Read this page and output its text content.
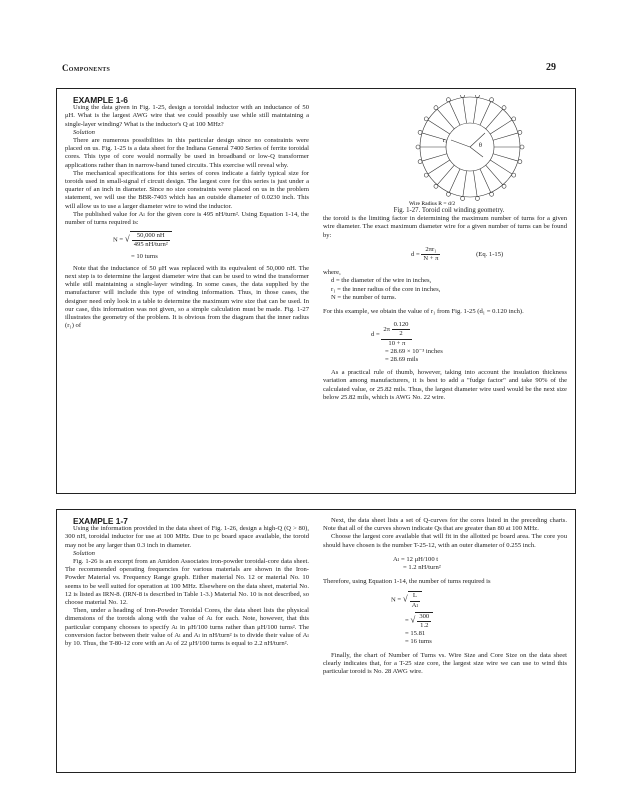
Components	29

EXAMPLE 1-6

Using the data given in Fig. 1-25, design a toroidal inductor with an inductance of 50 μH. What is the largest AWG wire that we could possibly use while still maintaining a single-layer winding? What is the inductor's Q at 100 MHz?

Solution

There are numerous possibilities in this particular design since no constraints were placed on us. Fig. 1-25 is a data sheet for the Indiana General 7400 Series of ferrite toroidal cores. This type of core would normally be used in broadband or low-Q transformer applications rather than in narrow-band tuned circuits. This exercise will reveal why.

The mechanical specifications for this series of cores indicate a fairly typical size for toroids used in small-signal rf circuit design. The largest core for this series is just under a quarter of an inch in diameter. Since no size constraints were placed on us in the problem statement, we will use the BBR-7403 which has an outside diameter of 0.0230 inch. This will allow us to use a larger diameter wire to wind the inductor.

The published value for Aₗ for the given core is 495 nH/turn². Using Equation 1-14, the number of turns required is:

N = √ $\frac{50,000 nH}{\text{495 nH/turn²}}$
= 10 turns

Note that the inductance of 50 μH was replaced with its equivalent of 50,000 nH. The next step is to determine the largest diameter wire that can be used to wind the transformer while still maintaining a single-layer winding. In some cases, the data supplied by the manufacturer will include this type of winding information. Thus, in those cases, the designer need only look in a table to determine the maximum wire size that can be used. In our case, this information was not given, so a simple calculation must be made. Fig. 1-27 illustrates the geometry of the problem. It is obvious from the diagram that the inner radius (r₁) of

r₁
θ
Wire Radius R = d/2

Fig. 1-27. Toroid coil winding geometry.

the toroid is the limiting factor in determining the maximum number of turns for a given wire diameter. The exact maximum diameter wire for a given number of turns can be found by:

$d = \frac{\text{2πr₁}}{N + \pi}$	(Eq. 1-15)
where,
d = the diameter of the wire in inches,
r₁ = the inner radius of the core in inches,
N = the number of turns.

For this example, we obtain the value of r₁ from Fig. 1-25 (d₁ = 0.120 inch).

$d = \frac{2\pi \frac{0.120}{2}}{10 + \pi}$
= 28.69 × 10⁻³ inches
= 28.69 mils

As a practical rule of thumb, however, taking into account the insulation thickness variation among manufacturers, it is best to add a "fudge factor" and take 90% of the calculated value, or 25.82 mils. Thus, the largest diameter wire used would be the next size below 25.82 mils, which is AWG No. 22 wire.

EXAMPLE 1-7

Using the information provided in the data sheet of Fig. 1-26, design a high-Q (Q > 80), 300 nH, toroidal inductor for use at 100 MHz. Due to pc board space available, the toroid may not be any larger than 0.3 inch in diameter.

Solution

Fig. 1-26 is an excerpt from an Amidon Associates iron-powder toroidal-core data sheet. The recommended operating frequencies for various materials are shown in the Iron-Powder Material vs. Frequency Range graph. Either material No. 12 or material No. 10 seems to be well suited for operation at 100 MHz. Elsewhere on the data sheet, material No. 12 is listed as IRN-8. (IRN-8 is described in Table 1-3.) Material No. 10 is not described, so choose material No. 12.

Then, under a heading of Iron-Powder Toroidal Cores, the data sheet lists the physical dimensions of the toroids along with the value of Aₗ for each. Note, however, that this particular company chooses to specify Aₗ in μH/100 turns rather than μH/100 turns². The conversion factor between their value of Aₗ and Aₗ in nH/turn² is to divide their value of Aₗ by 10. Thus, the T-80-12 core with an Aₗ of 22 μH/100 turns is equal to 2.2 nH/turn².

Next, the data sheet lists a set of Q-curves for the cores listed in the preceding charts. Note that all of the curves shown indicate Qs that are greater than 80 at 100 MHz.

Choose the largest core available that will fit in the allotted pc board area. The core you should have chosen is the number T-25-12, with an outer diameter of 0.255 inch.

Aₗ = 12 μH/100 t
= 1.2 nH/turn²

Therefore, using Equation 1-14, the number of turns required is

N = √ $\frac{L}{\text{Aₗ}}$
= √ $\frac{300}{1.2}$
= 15.81
= 16 turns

Finally, the chart of Number of Turns vs. Wire Size and Core Size on the data sheet clearly indicates that, for a T-25 size core, the largest size wire we can use to wind this particular toroid is No. 28 AWG wire.
